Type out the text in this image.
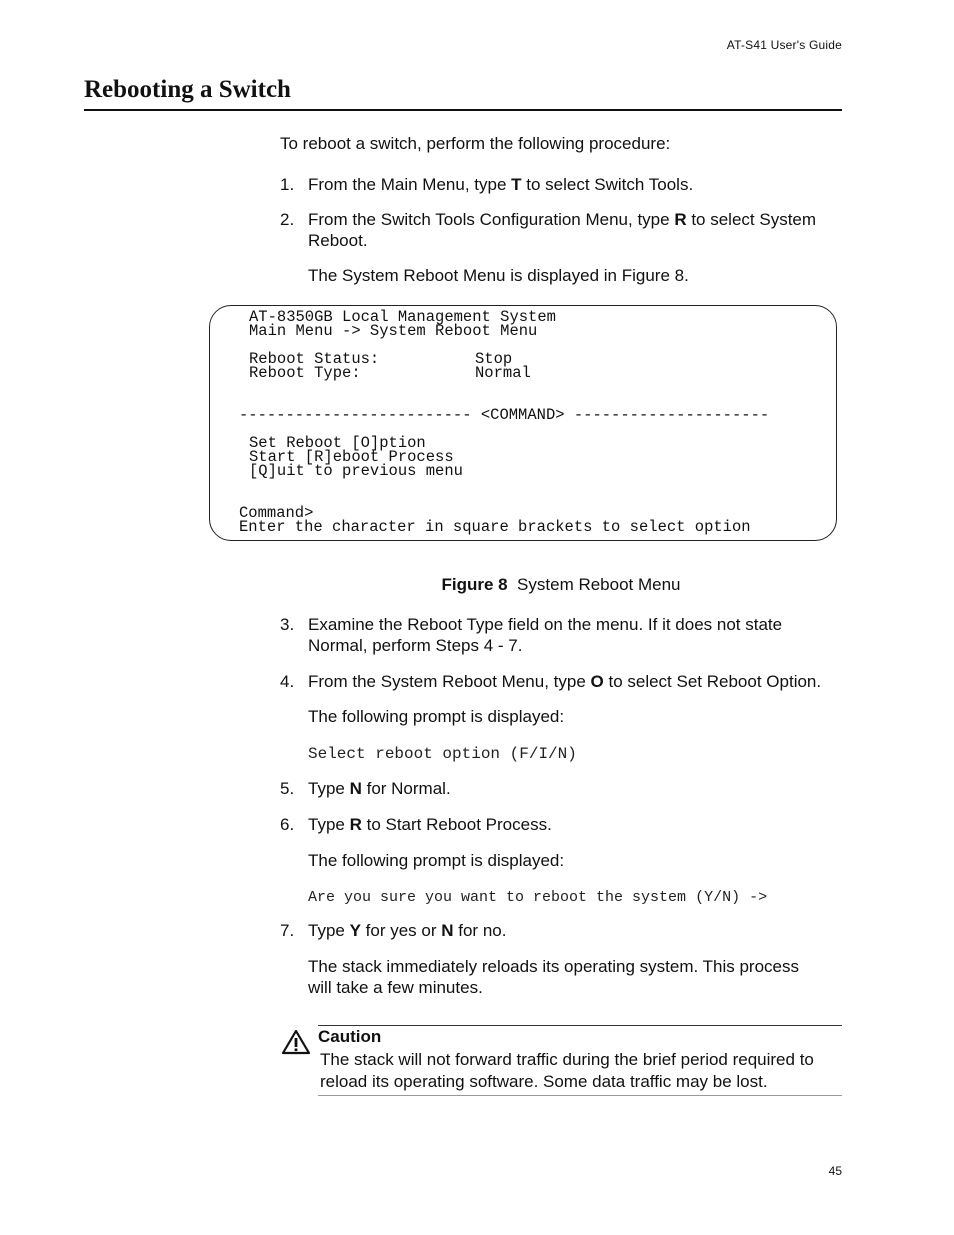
AT-S41 User's Guide
Rebooting a Switch

To reboot a switch, perform the following procedure:

1. From the Main Menu, type T to select Switch Tools.
2. From the Switch Tools Configuration Menu, type R to select System Reboot.
The System Reboot Menu is displayed in Figure 8.
AT-8350GB Local Management System
Main Menu -> System Reboot Menu
Reboot Status:	Stop
Reboot Type:	Normal
------------------------- <COMMAND> ---------------------
Set Reboot [O]ption
Start [R]eboot Process
[Q]uit to previous menu
Command>
Enter the character in square brackets to select option
Figure 8 System Reboot Menu
3. Examine the Reboot Type field on the menu. If it does not state Normal, perform Steps 4 - 7.
4. From the System Reboot Menu, type O to select Set Reboot Option.
The following prompt is displayed:
Select reboot option (F/I/N)
5. Type N for Normal.
6. Type R to Start Reboot Process.
The following prompt is displayed:
Are you sure you want to reboot the system (Y/N) ->
7. Type Y for yes or N for no.
The stack immediately reloads its operating system. This process will take a few minutes.
Caution
The stack will not forward traffic during the brief period required to reload its operating software. Some data traffic may be lost.
45
